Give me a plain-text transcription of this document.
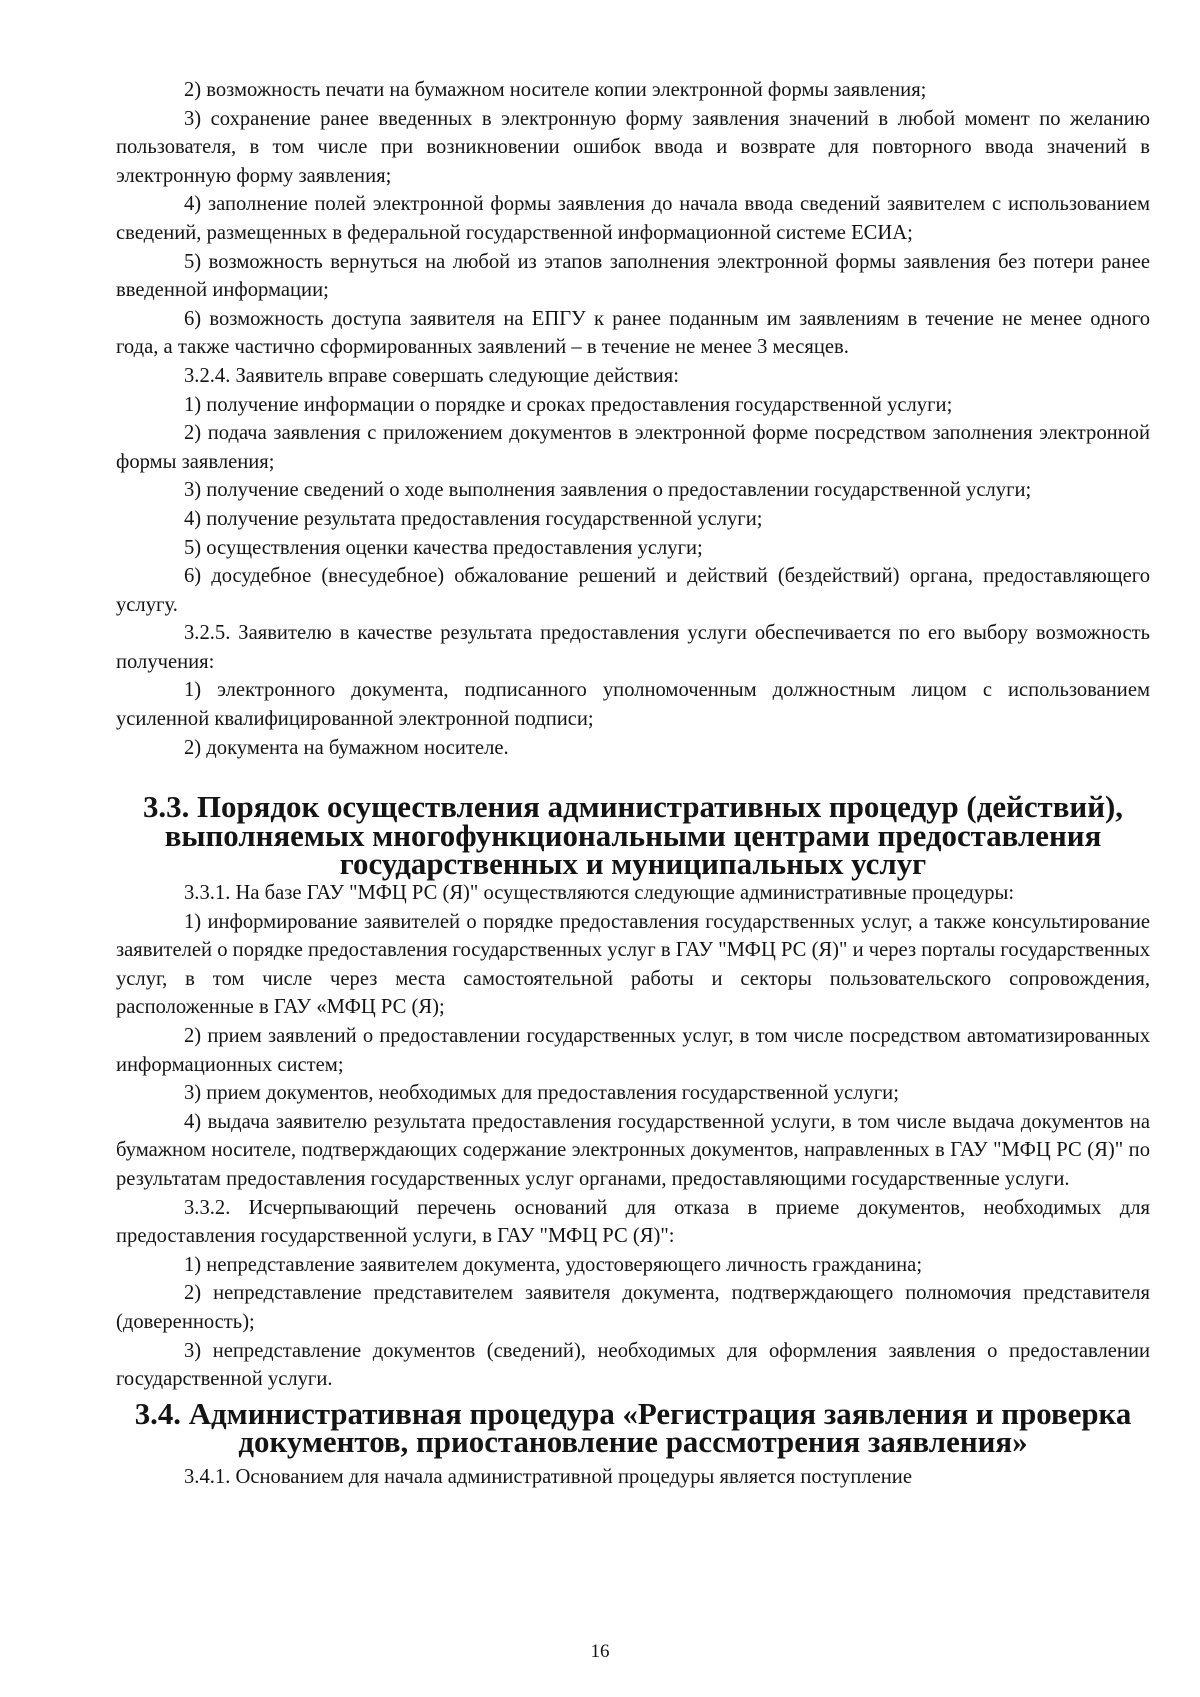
2) возможность печати на бумажном носителе копии электронной формы заявления;

3) сохранение ранее введенных в электронную форму заявления значений в любой момент по желанию пользователя, в том числе при возникновении ошибок ввода и возврате для повторного ввода значений в электронную форму заявления;

4) заполнение полей электронной формы заявления до начала ввода сведений заявителем с использованием сведений, размещенных в федеральной государственной информационной системе ЕСИА;

5) возможность вернуться на любой из этапов заполнения электронной формы заявления без потери ранее введенной информации;

6) возможность доступа заявителя на ЕПГУ к ранее поданным им заявлениям в течение не менее одного года, а также частично сформированных заявлений – в течение не менее 3 месяцев.

3.2.4. Заявитель вправе совершать следующие действия:

1) получение информации о порядке и сроках предоставления государственной услуги;

2) подача заявления с приложением документов в электронной форме посредством заполнения электронной формы заявления;

3) получение сведений о ходе выполнения заявления о предоставлении государственной услуги;

4) получение результата предоставления государственной услуги;

5) осуществления оценки качества предоставления услуги;

6) досудебное (внесудебное) обжалование решений и действий (бездействий) органа, предоставляющего услугу.

3.2.5. Заявителю в качестве результата предоставления услуги обеспечивается по его выбору возможность получения:

1) электронного документа, подписанного уполномоченным должностным лицом с использованием усиленной квалифицированной электронной подписи;

2) документа на бумажном носителе.

3.3. Порядок осуществления административных процедур (действий), выполняемых многофункциональными центрами предоставления государственных и муниципальных услуг

3.3.1. На базе ГАУ "МФЦ РС (Я)" осуществляются следующие административные процедуры:

1) информирование заявителей о порядке предоставления государственных услуг, а также консультирование заявителей о порядке предоставления государственных услуг в ГАУ "МФЦ РС (Я)" и через порталы государственных услуг, в том числе через места самостоятельной работы и секторы пользовательского сопровождения, расположенные в ГАУ «МФЦ РС (Я);

2) прием заявлений о предоставлении государственных услуг, в том числе посредством автоматизированных информационных систем;

3) прием документов, необходимых для предоставления государственной услуги;

4) выдача заявителю результата предоставления государственной услуги, в том числе выдача документов на бумажном носителе, подтверждающих содержание электронных документов, направленных в ГАУ "МФЦ РС (Я)" по результатам предоставления государственных услуг органами, предоставляющими государственные услуги.

3.3.2. Исчерпывающий перечень оснований для отказа в приеме документов, необходимых для предоставления государственной услуги, в ГАУ "МФЦ РС (Я)":

1) непредставление заявителем документа, удостоверяющего личность гражданина;

2) непредставление представителем заявителя документа, подтверждающего полномочия представителя (доверенность);

3) непредставление документов (сведений), необходимых для оформления заявления о предоставлении государственной услуги.

3.4. Административная процедура «Регистрация заявления и проверка документов, приостановление рассмотрения заявления»

3.4.1. Основанием для начала административной процедуры является поступление

16
